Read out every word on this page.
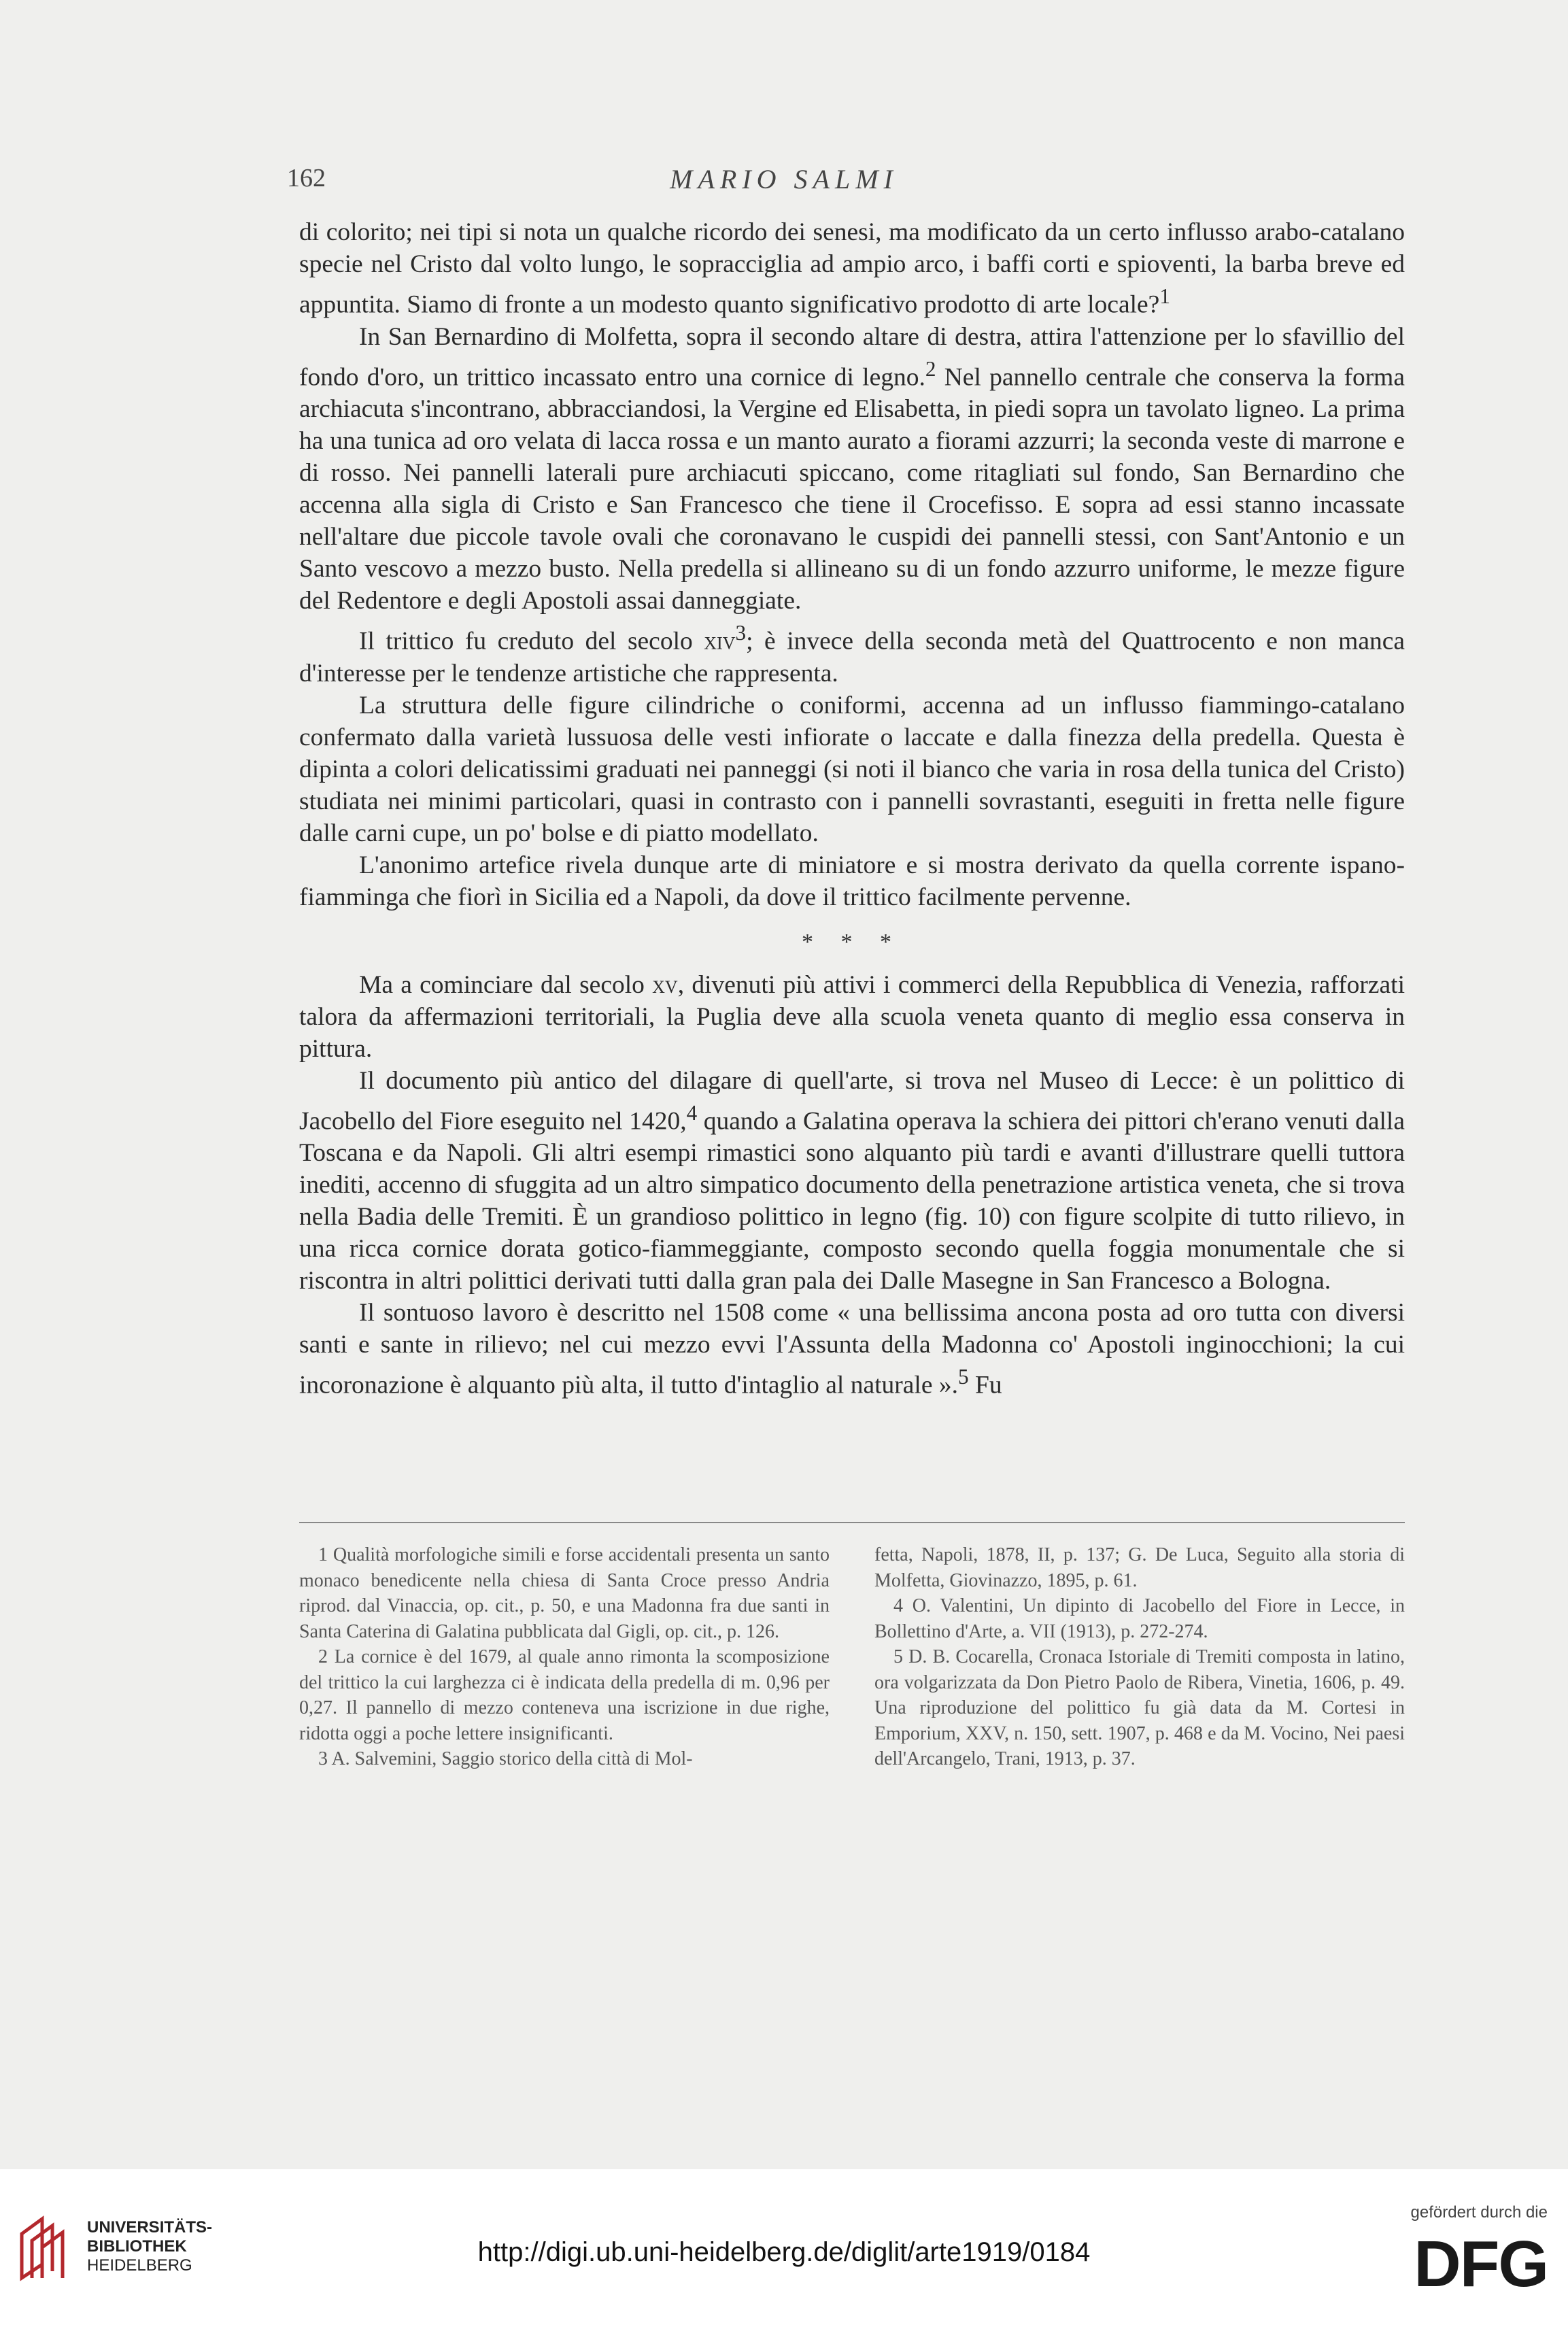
162	MARIO SALMI

di colorito; nei tipi si nota un qualche ricordo dei senesi, ma modificato da un certo influsso arabo-catalano specie nel Cristo dal volto lungo, le sopracciglia ad ampio arco, i baffi corti e spioventi, la barba breve ed appuntita. Siamo di fronte a un modesto quanto significativo prodotto di arte locale?$^1$

In San Bernardino di Molfetta, sopra il secondo altare di destra, attira l'attenzione per lo sfavillio del fondo d'oro, un trittico incassato entro una cornice di legno.$^2$ Nel pannello centrale che conserva la forma archiacuta s'incontrano, abbracciandosi, la Vergine ed Elisabetta, in piedi sopra un tavolato ligneo. La prima ha una tunica ad oro velata di lacca rossa e un manto aurato a fiorami azzurri; la seconda veste di marrone e di rosso. Nei pannelli laterali pure archiacuti spiccano, come ritagliati sul fondo, San Bernardino che accenna alla sigla di Cristo e San Francesco che tiene il Crocefisso. E sopra ad essi stanno incassate nell'altare due piccole tavole ovali che coronavano le cuspidi dei pannelli stessi, con Sant'Antonio e un Santo vescovo a mezzo busto. Nella predella si allineano su di un fondo azzurro uniforme, le mezze figure del Redentore e degli Apostoli assai danneggiate.

Il trittico fu creduto del secolo xiv$^3$; è invece della seconda metà del Quattrocento e non manca d'interesse per le tendenze artistiche che rappresenta.

La struttura delle figure cilindriche o coniformi, accenna ad un influsso fiammingo-catalano confermato dalla varietà lussuosa delle vesti infiorate o laccate e dalla finezza della predella. Questa è dipinta a colori delicatissimi graduati nei panneggi (si noti il bianco che varia in rosa della tunica del Cristo) studiata nei minimi particolari, quasi in contrasto con i pannelli sovrastanti, eseguiti in fretta nelle figure dalle carni cupe, un po' bolse e di piatto modellato.

L'anonimo artefice rivela dunque arte di miniatore e si mostra derivato da quella corrente ispano-fiamminga che fiorì in Sicilia ed a Napoli, da dove il trittico facilmente pervenne.

* * *

Ma a cominciare dal secolo xv, divenuti più attivi i commerci della Repubblica di Venezia, rafforzati talora da affermazioni territoriali, la Puglia deve alla scuola veneta quanto di meglio essa conserva in pittura.

Il documento più antico del dilagare di quell'arte, si trova nel Museo di Lecce: è un polittico di Jacobello del Fiore eseguito nel 1420,$^4$ quando a Galatina operava la schiera dei pittori ch'erano venuti dalla Toscana e da Napoli. Gli altri esempi rimastici sono alquanto più tardi e avanti d'illustrare quelli tuttora inediti, accenno di sfuggita ad un altro simpatico documento della penetrazione artistica veneta, che si trova nella Badia delle Tremiti. È un grandioso polittico in legno (fig. 10) con figure scolpite di tutto rilievo, in una ricca cornice dorata gotico-fiammeggiante, composto secondo quella foggia monumentale che si riscontra in altri polittici derivati tutti dalla gran pala dei Dalle Masegne in San Francesco a Bologna.

Il sontuoso lavoro è descritto nel 1508 come « una bellissima ancona posta ad oro tutta con diversi santi e sante in rilievo; nel cui mezzo evvi l'Assunta della Madonna co' Apostoli inginocchioni; la cui incoronazione è alquanto più alta, il tutto d'intaglio al naturale ».$^5$ Fu

1 Qualità morfologiche simili e forse accidentali presenta un santo monaco benedicente nella chiesa di Santa Croce presso Andria riprod. dal Vinaccia, op. cit., p. 50, e una Madonna fra due santi in Santa Caterina di Galatina pubblicata dal Gigli, op. cit., p. 126.

2 La cornice è del 1679, al quale anno rimonta la scomposizione del trittico la cui larghezza ci è indicata della predella di m. 0,96 per 0,27. Il pannello di mezzo conteneva una iscrizione in due righe, ridotta oggi a poche lettere insignificanti.

3 A. Salvemini, Saggio storico della città di Mol-

fetta, Napoli, 1878, II, p. 137; G. De Luca, Seguito alla storia di Molfetta, Giovinazzo, 1895, p. 61.

4 O. Valentini, Un dipinto di Jacobello del Fiore in Lecce, in Bollettino d'Arte, a. VII (1913), p. 272-274.

5 D. B. Cocarella, Cronaca Istoriale di Tremiti composta in latino, ora volgarizzata da Don Pietro Paolo de Ribera, Vinetia, 1606, p. 49. Una riproduzione del polittico fu già data da M. Cortesi in Emporium, XXV, n. 150, sett. 1907, p. 468 e da M. Vocino, Nei paesi dell'Arcangelo, Trani, 1913, p. 37.

UNIVERSITÄTS-
BIBLIOTHEK
HEIDELBERG	http://digi.ub.uni-heidelberg.de/diglit/arte1919/0184
gefördert durch die
DFG
